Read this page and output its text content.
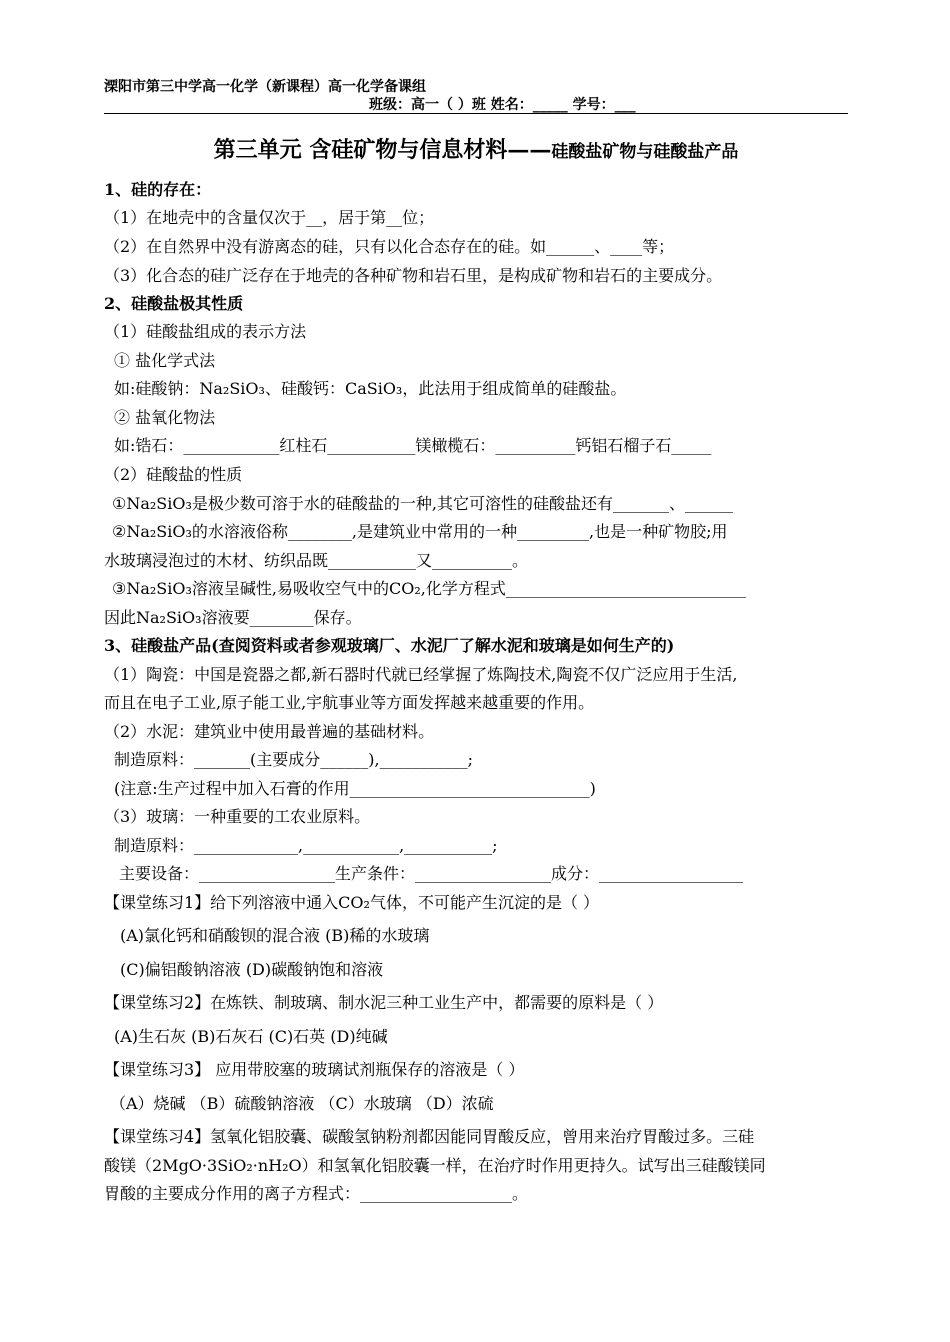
溧阳市第三中学高一化学（新课程）高一化学备课组
班级：高一（ ）班 姓名：_____ 学号：___
第三单元 含硅矿物与信息材料——硅酸盐矿物与硅酸盐产品
1、硅的存在：
（1）在地壳中的含量仅次于__，居于第__位；
（2）在自然界中没有游离态的硅，只有以化合态存在的硅。如______、____等；
（3）化合态的硅广泛存在于地壳的各种矿物和岩石里，是构成矿物和岩石的主要成分。
2、硅酸盐极其性质
（1）硅酸盐组成的表示方法
① 盐化学式法
如:硅酸钠：Na₂SiO₃、硅酸钙：CaSiO₃，此法用于组成简单的硅酸盐。
② 盐氧化物法
如:锆石：____________红柱石___________镁橄榄石：__________钙铝石榴子石_____
（2）硅酸盐的性质
①Na₂SiO₃是极少数可溶于水的硅酸盐的一种,其它可溶性的硅酸盐还有_______、______
②Na₂SiO₃的水溶液俗称________,是建筑业中常用的一种_________,也是一种矿物胶;用
水玻璃浸泡过的木材、纺织品既___________又__________。
③Na₂SiO₃溶液呈碱性,易吸收空气中的CO₂,化学方程式______________________________
因此Na₂SiO₃溶液要________保存。
3、硅酸盐产品(查阅资料或者参观玻璃厂、水泥厂了解水泥和玻璃是如何生产的)
（1）陶瓷：中国是瓷器之都,新石器时代就已经掌握了炼陶技术,陶瓷不仅广泛应用于生活,
而且在电子工业,原子能工业,宇航事业等方面发挥越来越重要的作用。
（2）水泥：建筑业中使用最普遍的基础材料。
制造原料：_______(主要成分______),___________;
(注意:生产过程中加入石膏的作用______________________________)
（3）玻璃：一种重要的工农业原料。
制造原料：_____________,____________,___________;
主要设备：_________________生产条件：_________________成分：__________________
【课堂练习1】给下列溶液中通入CO₂气体，不可能产生沉淀的是（ ）
(A)氯化钙和硝酸钡的混合液 (B)稀的水玻璃
(C)偏铝酸钠溶液 (D)碳酸钠饱和溶液
【课堂练习2】在炼铁、制玻璃、制水泥三种工业生产中，都需要的原料是（ ）
(A)生石灰 (B)石灰石 (C)石英 (D)纯碱
【课堂练习3】 应用带胶塞的玻璃试剂瓶保存的溶液是（ ）
（A）烧碱 （B）硫酸钠溶液 （C）水玻璃 （D）浓硫
【课堂练习4】氢氧化铝胶囊、碳酸氢钠粉剂都因能同胃酸反应，曾用来治疗胃酸过多。三硅
酸镁（2MgO·3SiO₂·nH₂O）和氢氧化铝胶囊一样，在治疗时作用更持久。试写出三硅酸镁同
胃酸的主要成分作用的离子方程式：___________________。
